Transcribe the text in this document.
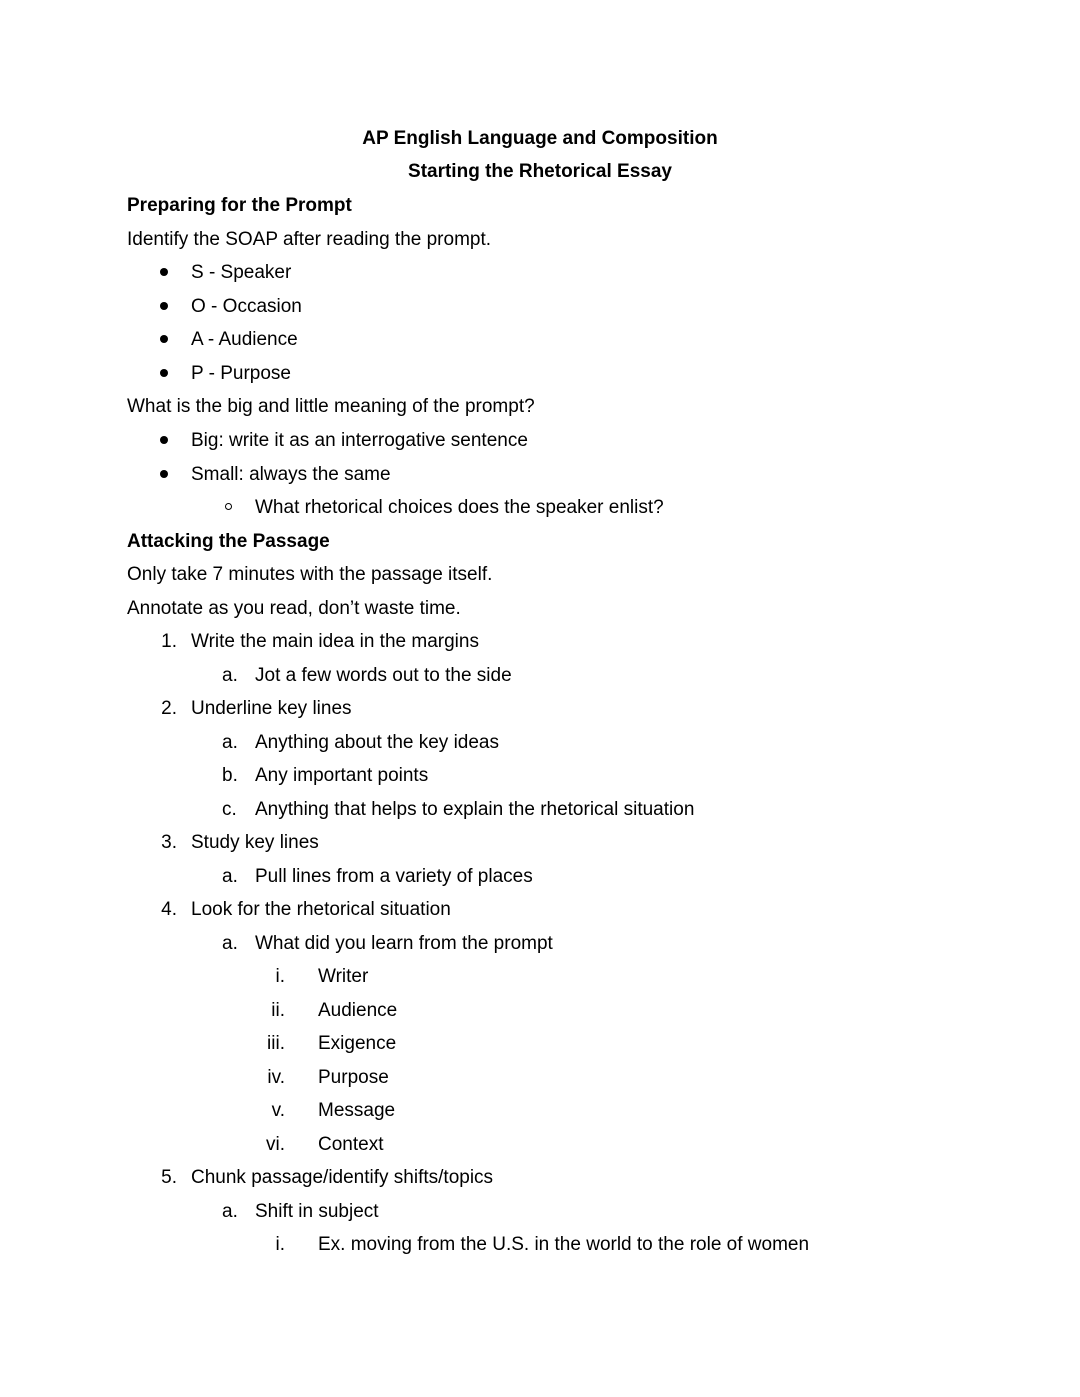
AP English Language and Composition
Starting the Rhetorical Essay
Preparing for the Prompt
Identify the SOAP after reading the prompt.
S - Speaker
O - Occasion
A - Audience
P - Purpose
What is the big and little meaning of the prompt?
Big: write it as an interrogative sentence
Small: always the same
What rhetorical choices does the speaker enlist?
Attacking the Passage
Only take 7 minutes with the passage itself.
Annotate as you read, don’t waste time.
1. Write the main idea in the margins
a. Jot a few words out to the side
2. Underline key lines
a. Anything about the key ideas
b. Any important points
c. Anything that helps to explain the rhetorical situation
3. Study key lines
a. Pull lines from a variety of places
4. Look for the rhetorical situation
a. What did you learn from the prompt
i. Writer
ii. Audience
iii. Exigence
iv. Purpose
v. Message
vi. Context
5. Chunk passage/identify shifts/topics
a. Shift in subject
i. Ex. moving from the U.S. in the world to the role of women
